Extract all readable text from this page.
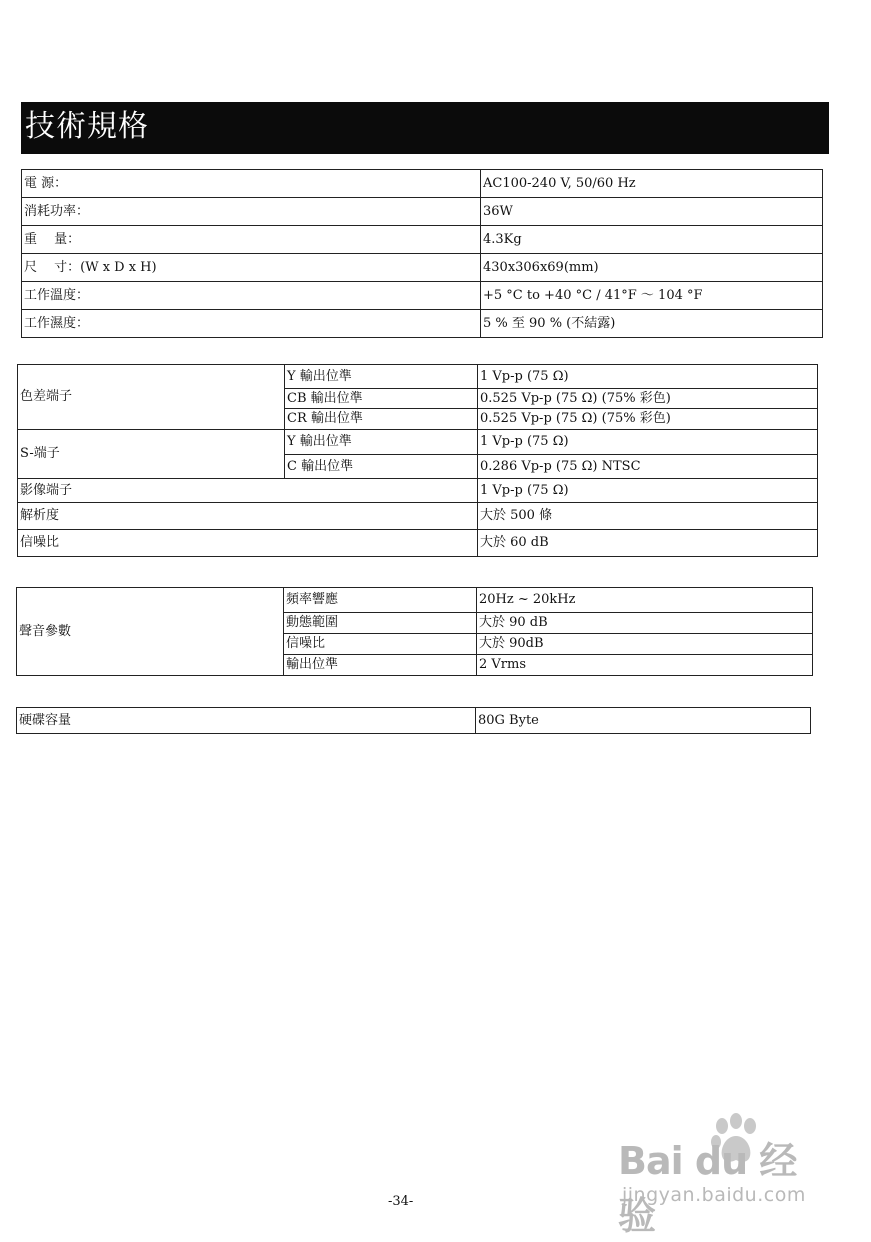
技術規格
電 源：	AC100-240 V, 50/60 Hz
消耗功率：	36W
重　 量：	4.3Kg
尺　 寸：(W x D x H)	430x306x69(mm)
工作溫度：	+5 °C to +40 °C / 41°F ～ 104 °F
工作濕度：	5 % 至 90 % (不結露)
色差端子	Y 輸出位準	1 Vp-p (75 Ω)
	CB 輸出位準	0.525 Vp-p (75 Ω) (75% 彩色)
	CR 輸出位準	0.525 Vp-p (75 Ω) (75% 彩色)
S-端子	Y 輸出位準	1 Vp-p (75 Ω)
	C 輸出位準	0.286 Vp-p (75 Ω) NTSC
影像端子		1 Vp-p (75 Ω)
解析度		大於 500 條
信噪比		大於 60 dB
聲音參數	頻率響應	20Hz ~ 20kHz
	動態範圍	大於 90 dB
	信噪比	大於 90dB
	輸出位準	2 Vrms
硬碟容量	80G Byte
-34-
Bai du 经验
jingyan.baidu.com
